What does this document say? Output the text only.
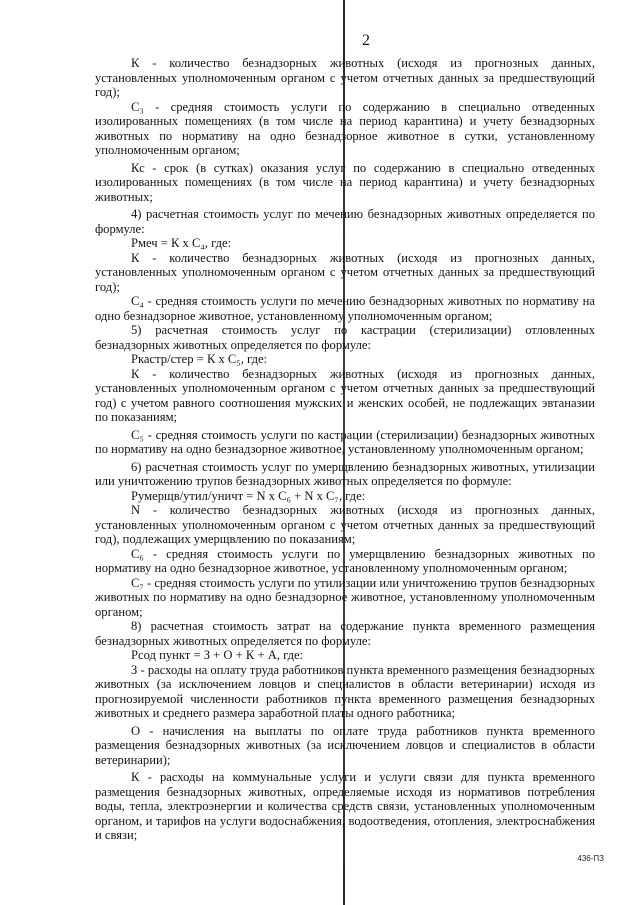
2

К - количество безнадзорных животных (исходя из прогнозных данных, установленных уполномоченным органом с учетом отчетных данных за предшествующий год);

С₃ - средняя стоимость услуги по содержанию в специально отведенных изолированных помещениях (в том числе на период карантина) и учету безнадзорных животных по нормативу на одно безнадзорное животное в сутки, установленному уполномоченным органом;

Кс - срок (в сутках) оказания услуг по содержанию в специально отведенных изолированных помещениях (в том числе на период карантина) и учету безнадзорных животных;

4) расчетная стоимость услуг по мечению безнадзорных животных определяется по формуле:

Рмеч = К х С₄, где:

К - количество безнадзорных животных (исходя из прогнозных данных, установленных уполномоченным органом с учетом отчетных данных за предшествующий год);

С₄ - средняя стоимость услуги по мечению безнадзорных животных по нормативу на одно безнадзорное животное, установленному уполномоченным органом;

5) расчетная стоимость услуг по кастрации (стерилизации) отловленных безнадзорных животных определяется по формуле:

Ркастр/стер = К х С₅, где:

К - количество безнадзорных животных (исходя из прогнозных данных, установленных уполномоченным органом с учетом отчетных данных за предшествующий год) с учетом равного соотношения мужских и женских особей, не подлежащих эвтаназии по показаниям;

С₅ - средняя стоимость услуги по кастрации (стерилизации) безнадзорных животных по нормативу на одно безнадзорное животное, установленному уполномоченным органом;

6) расчетная стоимость услуг по умерщвлению безнадзорных животных, утилизации или уничтожению трупов безнадзорных животных определяется по формуле:

Румерщв/утил/уничт = N х С₆ + N х С₇, где:

N - количество безнадзорных животных (исходя из прогнозных данных, установленных уполномоченным органом с учетом отчетных данных за предшествующий год), подлежащих умерщвлению по показаниям;

С₆ - средняя стоимость услуги по умерщвлению безнадзорных животных по нормативу на одно безнадзорное животное, установленному уполномоченным органом;

С₇ - средняя стоимость услуги по утилизации или уничтожению трупов безнадзорных животных по нормативу на одно безнадзорное животное, установленному уполномоченным органом;

8) расчетная стоимость затрат на содержание пункта временного размещения безнадзорных животных определяется по формуле:

Рсод пункт = З + О + К + А, где:

З - расходы на оплату труда работников пункта временного размещения безнадзорных животных (за исключением ловцов и специалистов в области ветеринарии) исходя из прогнозируемой численности работников пункта временного размещения безнадзорных животных и среднего размера заработной платы одного работника;

О - начисления на выплаты по оплате труда работников пункта временного размещения безнадзорных животных (за исключением ловцов и специалистов в области ветеринарии);

К - расходы на коммунальные услуги и услуги связи для пункта временного размещения безнадзорных животных, определяемые исходя из нормативов потребления воды, тепла, электроэнергии и количества средств связи, установленных уполномоченным органом, и тарифов на услуги водоснабжения, водоотведения, отопления, электроснабжения и связи;

436-ПЗ
